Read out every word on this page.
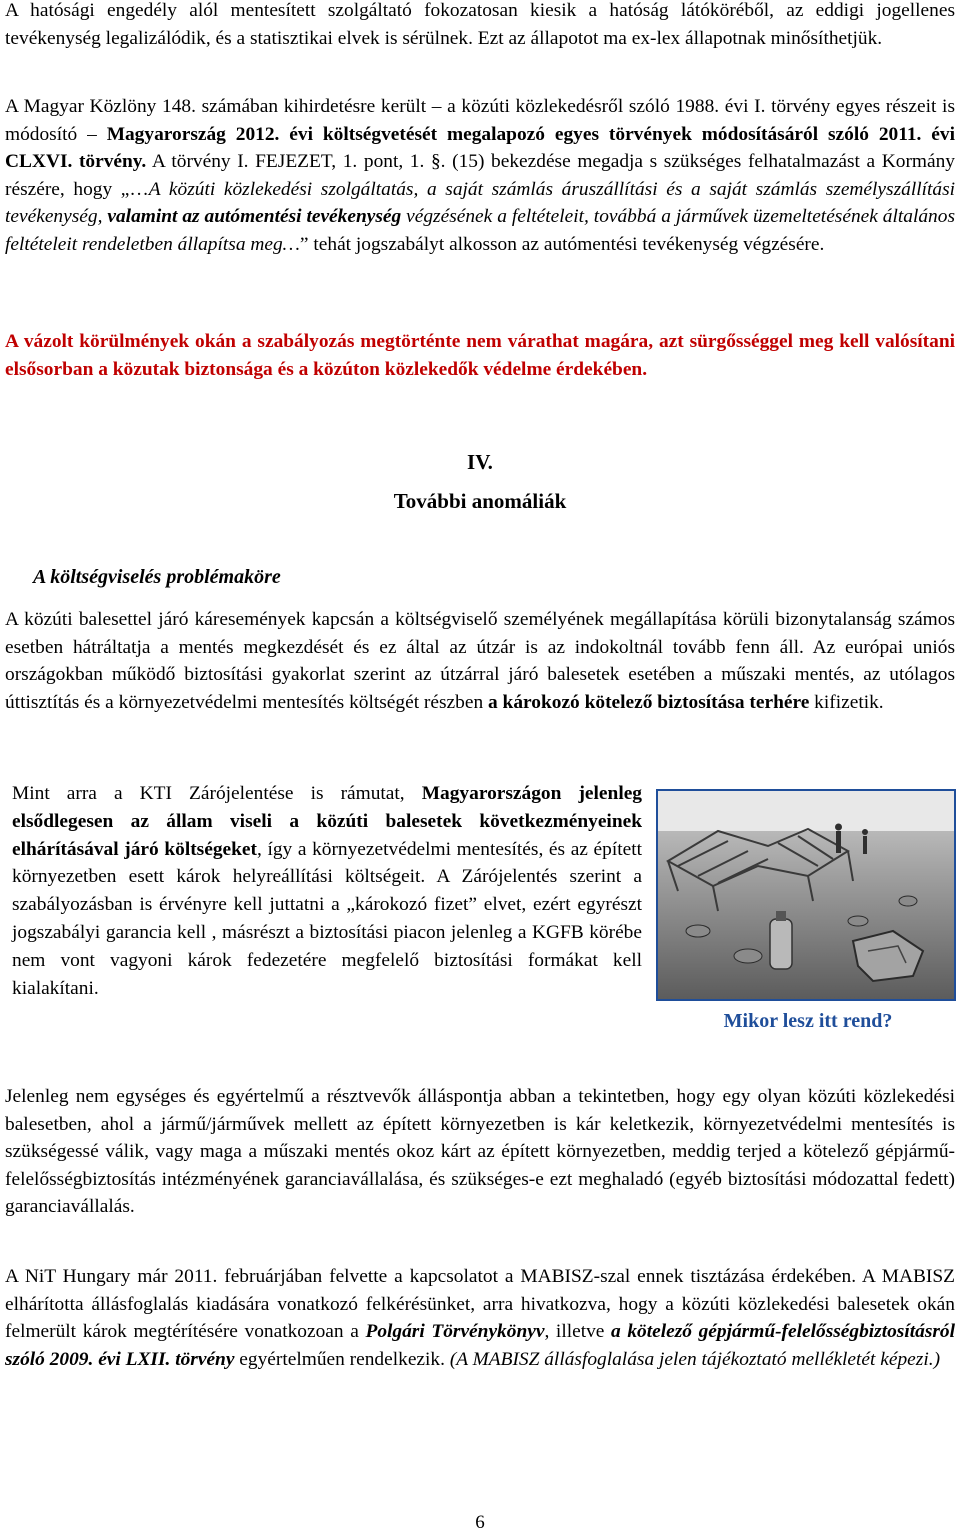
A hatósági engedély alól mentesített szolgáltató fokozatosan kiesik a hatóság látóköréből, az eddigi jogellenes tevékenység legalizálódik, és a statisztikai elvek is sérülnek. Ezt az állapotot ma ex-lex állapotnak minősíthetjük.

A Magyar Közlöny 148. számában kihirdetésre került – a közúti közlekedésről szóló 1988. évi I. törvény egyes részeit is módosító – Magyarország 2012. évi költségvetését megalapozó egyes törvények módosításáról szóló 2011. évi CLXVI. törvény. A törvény I. FEJEZET, 1. pont, 1. §. (15) bekezdése megadja s szükséges felhatalmazást a Kormány részére, hogy „…A közúti közlekedési szolgáltatás, a saját számlás áruszállítási és a saját számlás személyszállítási tevékenység, valamint az autómentési tevékenység végzésének a feltételeit, továbbá a járművek üzemeltetésének általános feltételeit rendeletben állapítsa meg…” tehát jogszabályt alkosson az autómentési tevékenység végzésére.

A vázolt körülmények okán a szabályozás megtörténte nem várathat magára, azt sürgősséggel meg kell valósítani elsősorban a közutak biztonsága és a közúton közlekedők védelme érdekében.

IV.
További anomáliák
A költségviselés problémaköre

A közúti balesettel járó káresemények kapcsán a költségviselő személyének megállapítása körüli bizonytalanság számos esetben hátráltatja a mentés megkezdését és ez által az útzár is az indokoltnál tovább fenn áll. Az európai uniós országokban működő biztosítási gyakorlat szerint az útzárral járó balesetek esetében a műszaki mentés, az utólagos úttisztítás és a környezetvédelmi mentesítés költségét részben a károkozó kötelező biztosítása terhére kifizetik.

Mint arra a KTI Zárójelentése is rámutat, Magyarországon jelenleg elsődlegesen az állam viseli a közúti balesetek következményeinek elhárításával járó költségeket, így a környezetvédelmi mentesítés, és az épített környezetben esett károk helyreállítási költségeit. A Zárójelentés szerint a szabályozásban is érvényre kell juttatni a „károkozó fizet” elvet, ezért egyrészt jogszabályi garancia kell , másrészt a biztosítási piacon jelenleg a KGFB körébe nem vont vagyoni károk fedezetére megfelelő biztosítási formákat kell kialakítani.

Mikor lesz itt rend?

Jelenleg nem egységes és egyértelmű a résztvevők álláspontja abban a tekintetben, hogy egy olyan közúti közlekedési balesetben, ahol a jármű/járművek mellett az épített környezetben is kár keletkezik, környezetvédelmi mentesítés is szükségessé válik, vagy maga a műszaki mentés okoz kárt az épített környezetben, meddig terjed a kötelező gépjármű-felelősségbiztosítás intézményének garanciavállalása, és szükséges-e ezt meghaladó (egyéb biztosítási módozattal fedett) garanciavállalás.

A NiT Hungary már 2011. februárjában felvette a kapcsolatot a MABISZ-szal ennek tisztázása érdekében. A MABISZ elhárította állásfoglalás kiadására vonatkozó felkérésünket, arra hivatkozva, hogy a közúti közlekedési balesetek okán felmerült károk megtérítésére vonatkozoan a Polgári Törvénykönyv, illetve a kötelező gépjármű-felelősségbiztosításról szóló 2009. évi LXII. törvény egyértelműen rendelkezik. (A MABISZ állásfoglalása jelen tájékoztató mellékletét képezi.)

6
